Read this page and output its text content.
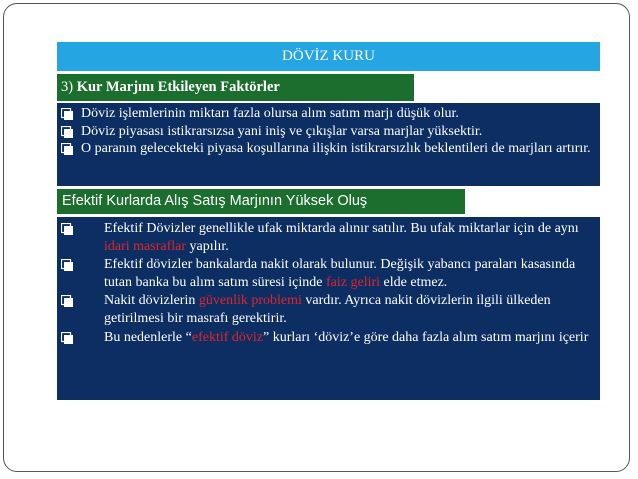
DÖVİZ KURU
3) Kur Marjını Etkileyen Faktörler
Döviz işlemlerinin miktarı fazla olursa alım satım marjı düşük olur.
Döviz piyasası istikrarsızsa yani iniş ve çıkışlar varsa marjlar yüksektir.
O paranın gelecekteki piyasa koşullarına ilişkin istikrarsızlık beklentileri de marjları artırır.
Efektif Kurlarda Alış Satış Marjının Yüksek Oluş
Efektif Dövizler genellikle ufak miktarda alınır satılır. Bu ufak miktarlar için de aynı idari masraflar yapılır.
Efektif dövizler bankalarda nakit olarak bulunur. Değişik yabancı paraları kasasında tutan banka bu alım satım süresi içinde faiz geliri elde etmez.
Nakit dövizlerin güvenlik problemi vardır. Ayrıca nakit dövizlerin ilgili ülkeden getirilmesi bir masrafı gerektirir.
Bu nedenlerle “efektif döviz” kurları ‘döviz’e göre daha fazla alım satım marjını içerir
